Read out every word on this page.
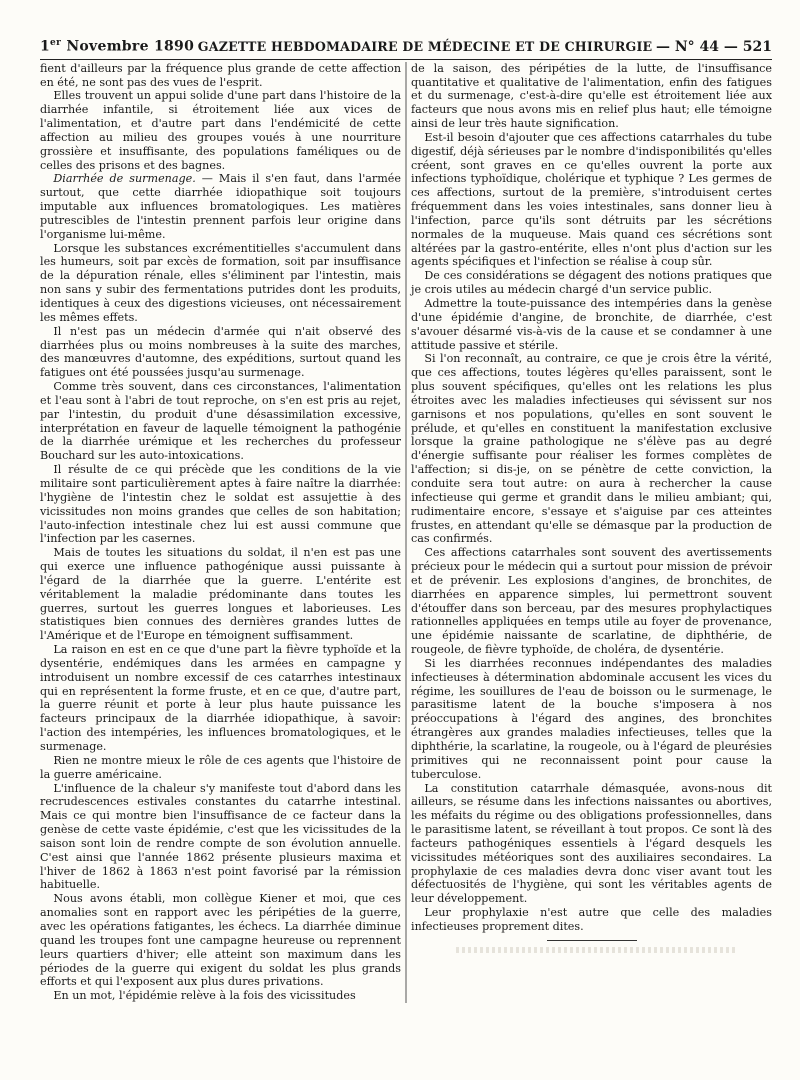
1er Novembre 1890 GAZETTE HEBDOMADAIRE DE MÉDECINE ET DE CHIRURGIE — N° 44 — 521

fient d'ailleurs par la fréquence plus grande de cette affection en été, ne sont pas des vues de l'esprit.

Elles trouvent un appui solide d'une part dans l'histoire de la diarrhée infantile, si étroitement liée aux vices de l'alimentation, et d'autre part dans l'endémicité de cette affection au milieu des groupes voués à une nourriture grossière et insuffisante, des populations faméliques ou de celles des prisons et des bagnes.

Diarrhée de surmenage. — Mais il s'en faut, dans l'armée surtout, que cette diarrhée idiopathique soit toujours imputable aux influences bromatologiques. Les matières putrescibles de l'intestin prennent parfois leur origine dans l'organisme lui-même.

Lorsque les substances excrémentitielles s'accumulent dans les humeurs, soit par excès de formation, soit par insuffisance de la dépuration rénale, elles s'éliminent par l'intestin, mais non sans y subir des fermentations putrides dont les produits, identiques à ceux des digestions vicieuses, ont nécessairement les mêmes effets.

Il n'est pas un médecin d'armée qui n'ait observé des diarrhées plus ou moins nombreuses à la suite des marches, des manœuvres d'automne, des expéditions, surtout quand les fatigues ont été poussées jusqu'au surmenage.

Comme très souvent, dans ces circonstances, l'alimentation et l'eau sont à l'abri de tout reproche, on s'en est pris au rejet, par l'intestin, du produit d'une désassimilation excessive, interprétation en faveur de laquelle témoignent la pathogénie de la diarrhée urémique et les recherches du professeur Bouchard sur les auto-intoxications.

Il résulte de ce qui précède que les conditions de la vie militaire sont particulièrement aptes à faire naître la diarrhée: l'hygiène de l'intestin chez le soldat est assujettie à des vicissitudes non moins grandes que celles de son habitation; l'auto-infection intestinale chez lui est aussi commune que l'infection par les casernes.

Mais de toutes les situations du soldat, il n'en est pas une qui exerce une influence pathogénique aussi puissante à l'égard de la diarrhée que la guerre. L'entérite est véritablement la maladie prédominante dans toutes les guerres, surtout les guerres longues et laborieuses. Les statistiques bien connues des dernières grandes luttes de l'Amérique et de l'Europe en témoignent suffisamment.

La raison en est en ce que d'une part la fièvre typhoïde et la dysentérie, endémiques dans les armées en campagne y introduisent un nombre excessif de ces catarrhes intestinaux qui en représentent la forme fruste, et en ce que, d'autre part, la guerre réunit et porte à leur plus haute puissance les facteurs principaux de la diarrhée idiopathique, à savoir: l'action des intempéries, les influences bromatologiques, et le surmenage.

Rien ne montre mieux le rôle de ces agents que l'histoire de la guerre américaine.

L'influence de la chaleur s'y manifeste tout d'abord dans les recrudescences estivales constantes du catarrhe intestinal. Mais ce qui montre bien l'insuffisance de ce facteur dans la genèse de cette vaste épidémie, c'est que les vicissitudes de la saison sont loin de rendre compte de son évolution annuelle. C'est ainsi que l'année 1862 présente plusieurs maxima et l'hiver de 1862 à 1863 n'est point favorisé par la rémission habituelle.

Nous avons établi, mon collègue Kiener et moi, que ces anomalies sont en rapport avec les péripéties de la guerre, avec les opérations fatigantes, les échecs. La diarrhée diminue quand les troupes font une campagne heureuse ou reprennent leurs quartiers d'hiver; elle atteint son maximum dans les périodes de la guerre qui exigent du soldat les plus grands efforts et qui l'exposent aux plus dures privations.

En un mot, l'épidémie relève à la fois des vicissitudes

de la saison, des péripéties de la lutte, de l'insuffisance quantitative et qualitative de l'alimentation, enfin des fatigues et du surmenage, c'est-à-dire qu'elle est étroitement liée aux facteurs que nous avons mis en relief plus haut; elle témoigne ainsi de leur très haute signification.

Est-il besoin d'ajouter que ces affections catarrhales du tube digestif, déjà sérieuses par le nombre d'indisponibilités qu'elles créent, sont graves en ce qu'elles ouvrent la porte aux infections typhoïdique, cholérique et typhique ? Les germes de ces affections, surtout de la première, s'introduisent certes fréquemment dans les voies intestinales, sans donner lieu à l'infection, parce qu'ils sont détruits par les sécrétions normales de la muqueuse. Mais quand ces sécrétions sont altérées par la gastro-entérite, elles n'ont plus d'action sur les agents spécifiques et l'infection se réalise à coup sûr.

De ces considérations se dégagent des notions pratiques que je crois utiles au médecin chargé d'un service public.

Admettre la toute-puissance des intempéries dans la genèse d'une épidémie d'angine, de bronchite, de diarrhée, c'est s'avouer désarmé vis-à-vis de la cause et se condamner à une attitude passive et stérile.

Si l'on reconnaît, au contraire, ce que je crois être la vérité, que ces affections, toutes légères qu'elles paraissent, sont le plus souvent spécifiques, qu'elles ont les relations les plus étroites avec les maladies infectieuses qui sévissent sur nos garnisons et nos populations, qu'elles en sont souvent le prélude, et qu'elles en constituent la manifestation exclusive lorsque la graine pathologique ne s'élève pas au degré d'énergie suffisante pour réaliser les formes complètes de l'affection; si dis-je, on se pénètre de cette conviction, la conduite sera tout autre: on aura à rechercher la cause infectieuse qui germe et grandit dans le milieu ambiant; qui, rudimentaire encore, s'essaye et s'aiguise par ces atteintes frustes, en attendant qu'elle se démasque par la production de cas confirmés.

Ces affections catarrhales sont souvent des avertissements précieux pour le médecin qui a surtout pour mission de prévoir et de prévenir. Les explosions d'angines, de bronchites, de diarrhées en apparence simples, lui permettront souvent d'étouffer dans son berceau, par des mesures prophylactiques rationnelles appliquées en temps utile au foyer de provenance, une épidémie naissante de scarlatine, de diphthérie, de rougeole, de fièvre typhoïde, de choléra, de dysentérie.

Si les diarrhées reconnues indépendantes des maladies infectieuses à détermination abdominale accusent les vices du régime, les souillures de l'eau de boisson ou le surmenage, le parasitisme latent de la bouche s'imposera à nos préoccupations à l'égard des angines, des bronchites étrangères aux grandes maladies infectieuses, telles que la diphthérie, la scarlatine, la rougeole, ou à l'égard de pleurésies primitives qui ne reconnaissent point pour cause la tuberculose.

La constitution catarrhale démasquée, avons-nous dit ailleurs, se résume dans les infections naissantes ou abortives, les méfaits du régime ou des obligations professionnelles, dans le parasitisme latent, se réveillant à tout propos. Ce sont là des facteurs pathogéniques essentiels à l'égard desquels les vicissitudes météoriques sont des auxiliaires secondaires. La prophylaxie de ces maladies devra donc viser avant tout les défectuosités de l'hygiène, qui sont les véritables agents de leur développement.

Leur prophylaxie n'est autre que celle des maladies infectieuses proprement dites.
